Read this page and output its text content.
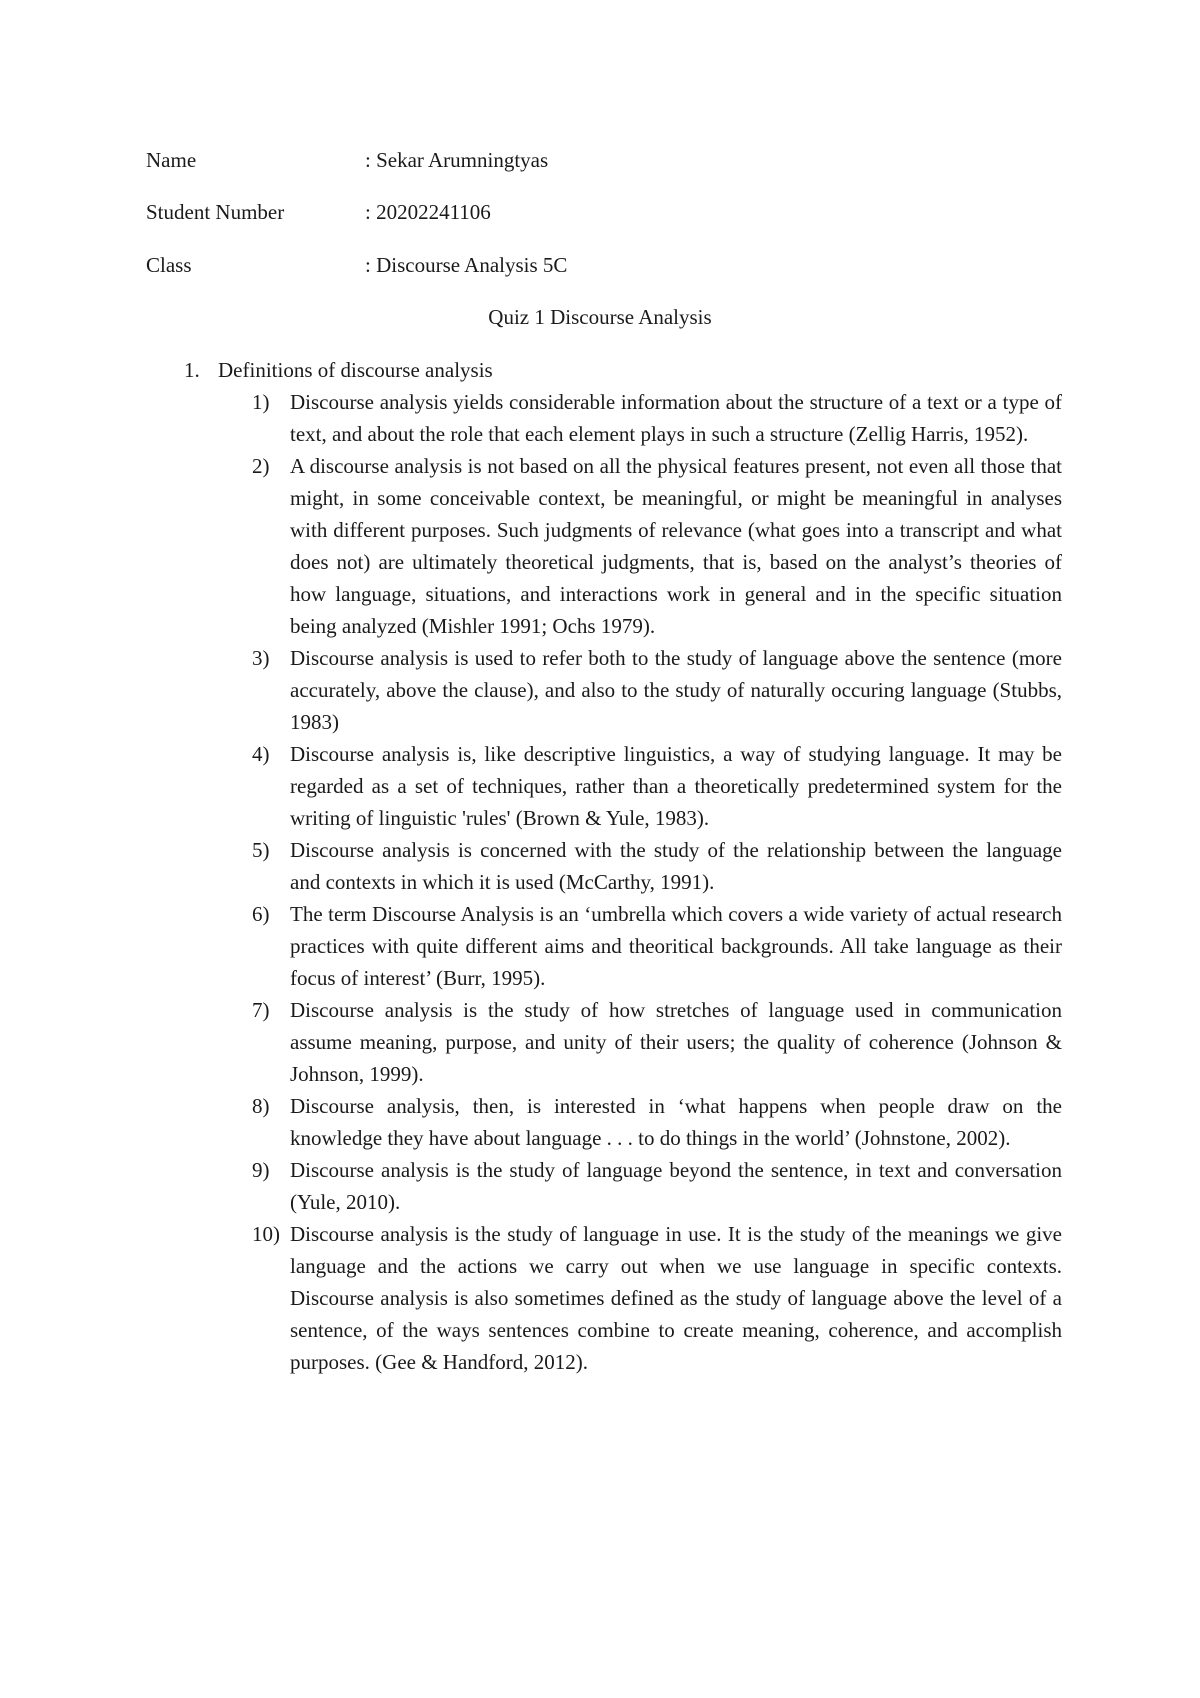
Name	: Sekar Arumningtyas
Student Number	: 20202241106
Class	: Discourse Analysis 5C
Quiz 1 Discourse Analysis
1. Definitions of discourse analysis
1) Discourse analysis yields considerable information about the structure of a text or a type of text, and about the role that each element plays in such a structure (Zellig Harris, 1952).
2) A discourse analysis is not based on all the physical features present, not even all those that might, in some conceivable context, be meaningful, or might be meaningful in analyses with different purposes. Such judgments of relevance (what goes into a transcript and what does not) are ultimately theoretical judgments, that is, based on the analyst’s theories of how language, situations, and interactions work in general and in the specific situation being analyzed (Mishler 1991; Ochs 1979).
3) Discourse analysis is used to refer both to the study of language above the sentence (more accurately, above the clause), and also to the study of naturally occuring language (Stubbs, 1983)
4) Discourse analysis is, like descriptive linguistics, a way of studying language. It may be regarded as a set of techniques, rather than a theoretically predetermined system for the writing of linguistic 'rules' (Brown & Yule, 1983).
5) Discourse analysis is concerned with the study of the relationship between the language and contexts in which it is used (McCarthy, 1991).
6) The term Discourse Analysis is an ‘umbrella which covers a wide variety of actual research practices with quite different aims and theoritical backgrounds. All take language as their focus of interest’ (Burr, 1995).
7) Discourse analysis is the study of how stretches of language used in communication assume meaning, purpose, and unity of their users; the quality of coherence (Johnson & Johnson, 1999).
8) Discourse analysis, then, is interested in ‘what happens when people draw on the knowledge they have about language . . . to do things in the world’ (Johnstone, 2002).
9) Discourse analysis is the study of language beyond the sentence, in text and conversation (Yule, 2010).
10) Discourse analysis is the study of language in use. It is the study of the meanings we give language and the actions we carry out when we use language in specific contexts. Discourse analysis is also sometimes defined as the study of language above the level of a sentence, of the ways sentences combine to create meaning, coherence, and accomplish purposes. (Gee & Handford, 2012).
